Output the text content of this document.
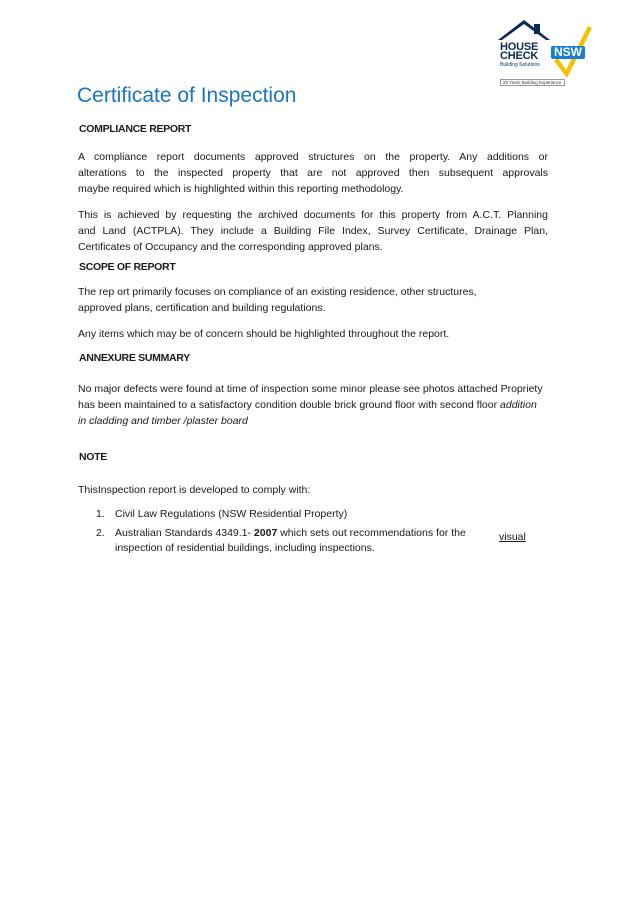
HOUSE
CHECK NSW
Building Solutions
20 Years Building Experience
Certificate of Inspection
COMPLIANCE REPORT
A compliance report documents approved structures on the property. Any additions or
alterations to the inspected property that are not approved then subsequent approvals
maybe required which is highlighted within this reporting methodology.
This is achieved by requesting the archived documents for this property from A.C.T. Planning
and Land (ACTPLA). They include a Building File Index, Survey Certificate, Drainage Plan,
Certificates of Occupancy and the corresponding approved plans.
SCOPE OF REPORT
The rep ort primarily focuses on compliance of an existing residence, other structures,
approved plans, certification and building regulations.
Any items which may be of concern should be highlighted throughout the report.
ANNEXURE SUMMARY
No major defects were found at time of inspection some minor please see photos attached Propriety
has been maintained to a satisfactory condition double brick ground floor with second floor addition
in cladding and timber /plaster board
NOTE
ThisInspection report is developed to comply with:
1. Civil Law Regulations (NSW Residential Property)
2. Australian Standards 4349.1- 2007 which sets out recommendations for the
inspection of residential buildings, including inspections.
visual
